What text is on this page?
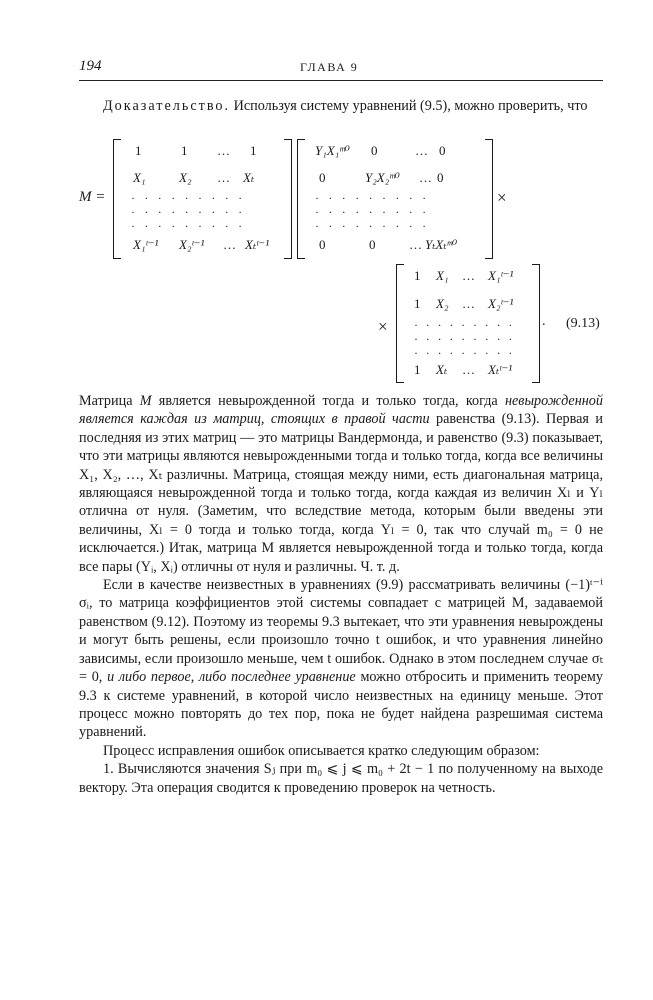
194	ГЛАВА 9

Доказательство. Используя систему уравнений (9.5), можно проверить, что

M =
1	1 … 1
X₁	X₂ … Xₜ
· · · · · · · · ·
· · · · · · · · ·
· · · · · · · · ·
X₁ᵗ⁻¹ X₂ᵗ⁻¹ … Xₜᵗ⁻¹
Y₁X₁ᵐ⁰ 0	… 0
0	Y₂X₂ᵐ⁰ … 0
· · · · · · · · ·
· · · · · · · · ·
· · · · · · · · ·
0	0	… YₜXₜᵐ⁰
×
×
1 X₁ … X₁ᵗ⁻¹
1 X₂ … X₂ᵗ⁻¹
· · · · · · · · ·
· · · · · · · · ·
· · · · · · · · ·
1 Xₜ … Xₜᵗ⁻¹
. (9.13)

Матрица M является невырожденной тогда и только тогда, когда невырожденной является каждая из матриц, стоящих в правой части равенства (9.13). Первая и последняя из этих матриц — это матрицы Вандермонда, и равенство (9.3) показывает, что эти матрицы являются невырожденными тогда и только тогда, когда все величины X₁, X₂, …, Xₜ различны. Матрица, стоящая между ними, есть диагональная матрица, являющаяся невырожденной тогда и только тогда, когда каждая из величин Xₗ и Yₗ отлична от нуля. (Заметим, что вследствие метода, которым были введены эти величины, Xₗ = 0 тогда и только тогда, когда Yₗ = 0, так что случай m₀ = 0 не исключается.) Итак, матрица M является невырожденной тогда и только тогда, когда все пары (Yᵢ, Xᵢ) отличны от нуля и различны. Ч. т. д.

Если в качестве неизвестных в уравнениях (9.9) рассматривать величины (−1)ᵗ⁻ⁱ σᵢ, то матрица коэффициентов этой системы совпадает с матрицей M, задаваемой равенством (9.12). Поэтому из теоремы 9.3 вытекает, что эти уравнения невырождены и могут быть решены, если произошло точно t ошибок, и что уравнения линейно зависимы, если произошло меньше, чем t ошибок. Однако в этом последнем случае σₜ = 0, и либо первое, либо последнее уравнение можно отбросить и применить теорему 9.3 к системе уравнений, в которой число неизвестных на единицу меньше. Этот процесс можно повторять до тех пор, пока не будет найдена разрешимая система уравнений.

Процесс исправления ошибок описывается кратко следующим образом:

1. Вычисляются значения Sⱼ при m₀ ⩽ j ⩽ m₀ + 2t − 1 по полученному на выходе вектору. Эта операция сводится к проведению проверок на четность.
